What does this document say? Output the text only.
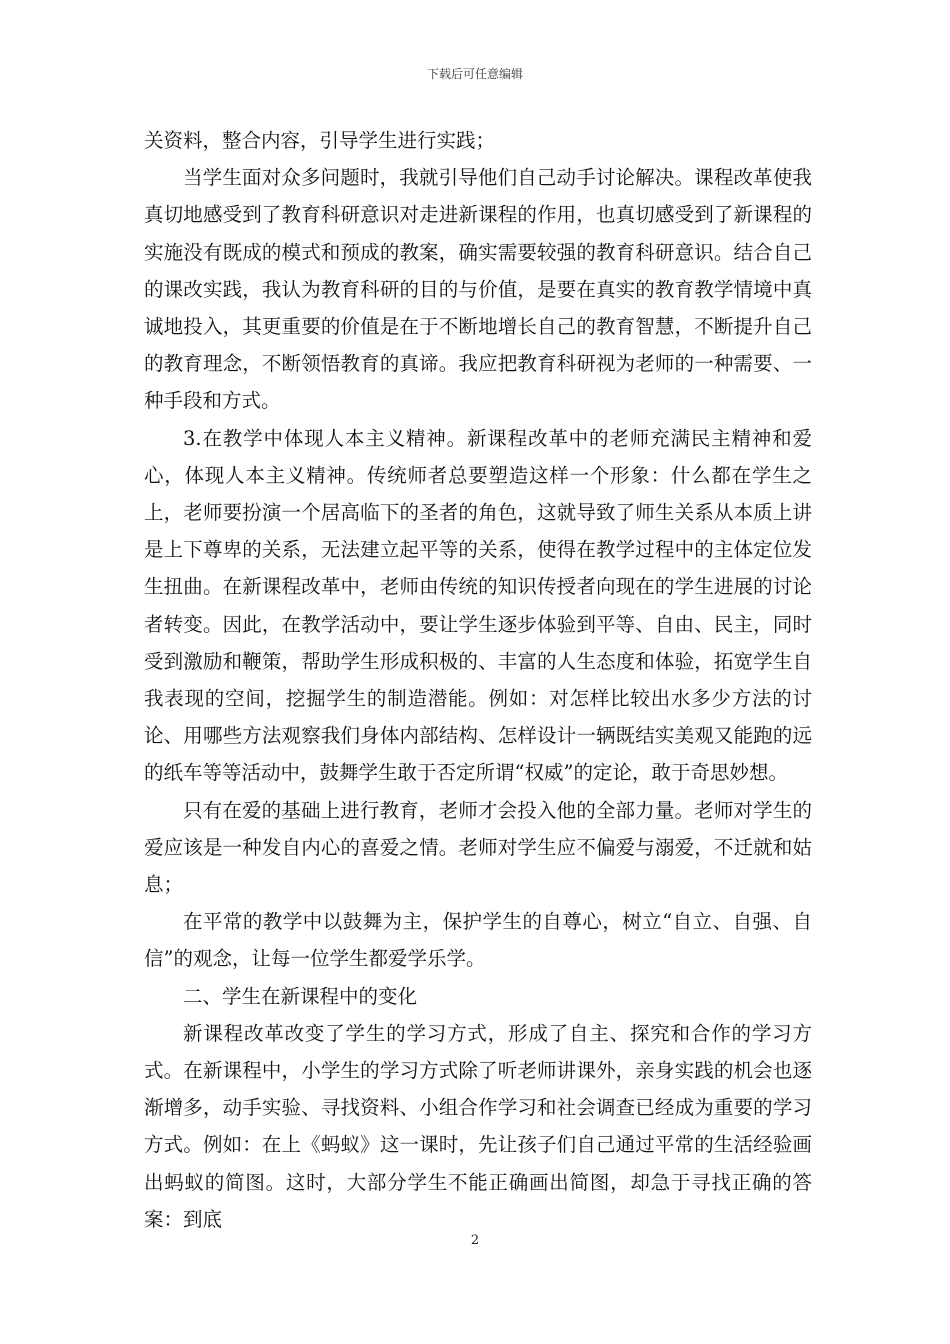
下载后可任意编辑

关资料，整合内容，引导学生进行实践；

当学生面对众多问题时，我就引导他们自己动手讨论解决。课程改革使我真切地感受到了教育科研意识对走进新课程的作用，也真切感受到了新课程的实施没有既成的模式和预成的教案，确实需要较强的教育科研意识。结合自己的课改实践，我认为教育科研的目的与价值，是要在真实的教育教学情境中真诚地投入，其更重要的价值是在于不断地增长自己的教育智慧，不断提升自己的教育理念，不断领悟教育的真谛。我应把教育科研视为老师的一种需要、一种手段和方式。

3.在教学中体现人本主义精神。新课程改革中的老师充满民主精神和爱心，体现人本主义精神。传统师者总要塑造这样一个形象：什么都在学生之上，老师要扮演一个居高临下的圣者的角色，这就导致了师生关系从本质上讲是上下尊卑的关系，无法建立起平等的关系，使得在教学过程中的主体定位发生扭曲。在新课程改革中，老师由传统的知识传授者向现在的学生进展的讨论者转变。因此，在教学活动中，要让学生逐步体验到平等、自由、民主，同时受到激励和鞭策，帮助学生形成积极的、丰富的人生态度和体验，拓宽学生自我表现的空间，挖掘学生的制造潜能。例如：对怎样比较出水多少方法的讨论、用哪些方法观察我们身体内部结构、怎样设计一辆既结实美观又能跑的远的纸车等等活动中，鼓舞学生敢于否定所谓“权威”的定论，敢于奇思妙想。

只有在爱的基础上进行教育，老师才会投入他的全部力量。老师对学生的爱应该是一种发自内心的喜爱之情。老师对学生应不偏爱与溺爱，不迁就和姑息；

在平常的教学中以鼓舞为主，保护学生的自尊心，树立“自立、自强、自信”的观念，让每一位学生都爱学乐学。

二、学生在新课程中的变化

新课程改革改变了学生的学习方式，形成了自主、探究和合作的学习方式。在新课程中，小学生的学习方式除了听老师讲课外，亲身实践的机会也逐渐增多，动手实验、寻找资料、小组合作学习和社会调查已经成为重要的学习方式。例如：在上《蚂蚁》这一课时，先让孩子们自己通过平常的生活经验画出蚂蚁的简图。这时，大部分学生不能正确画出简图，却急于寻找正确的答案：到底

2
